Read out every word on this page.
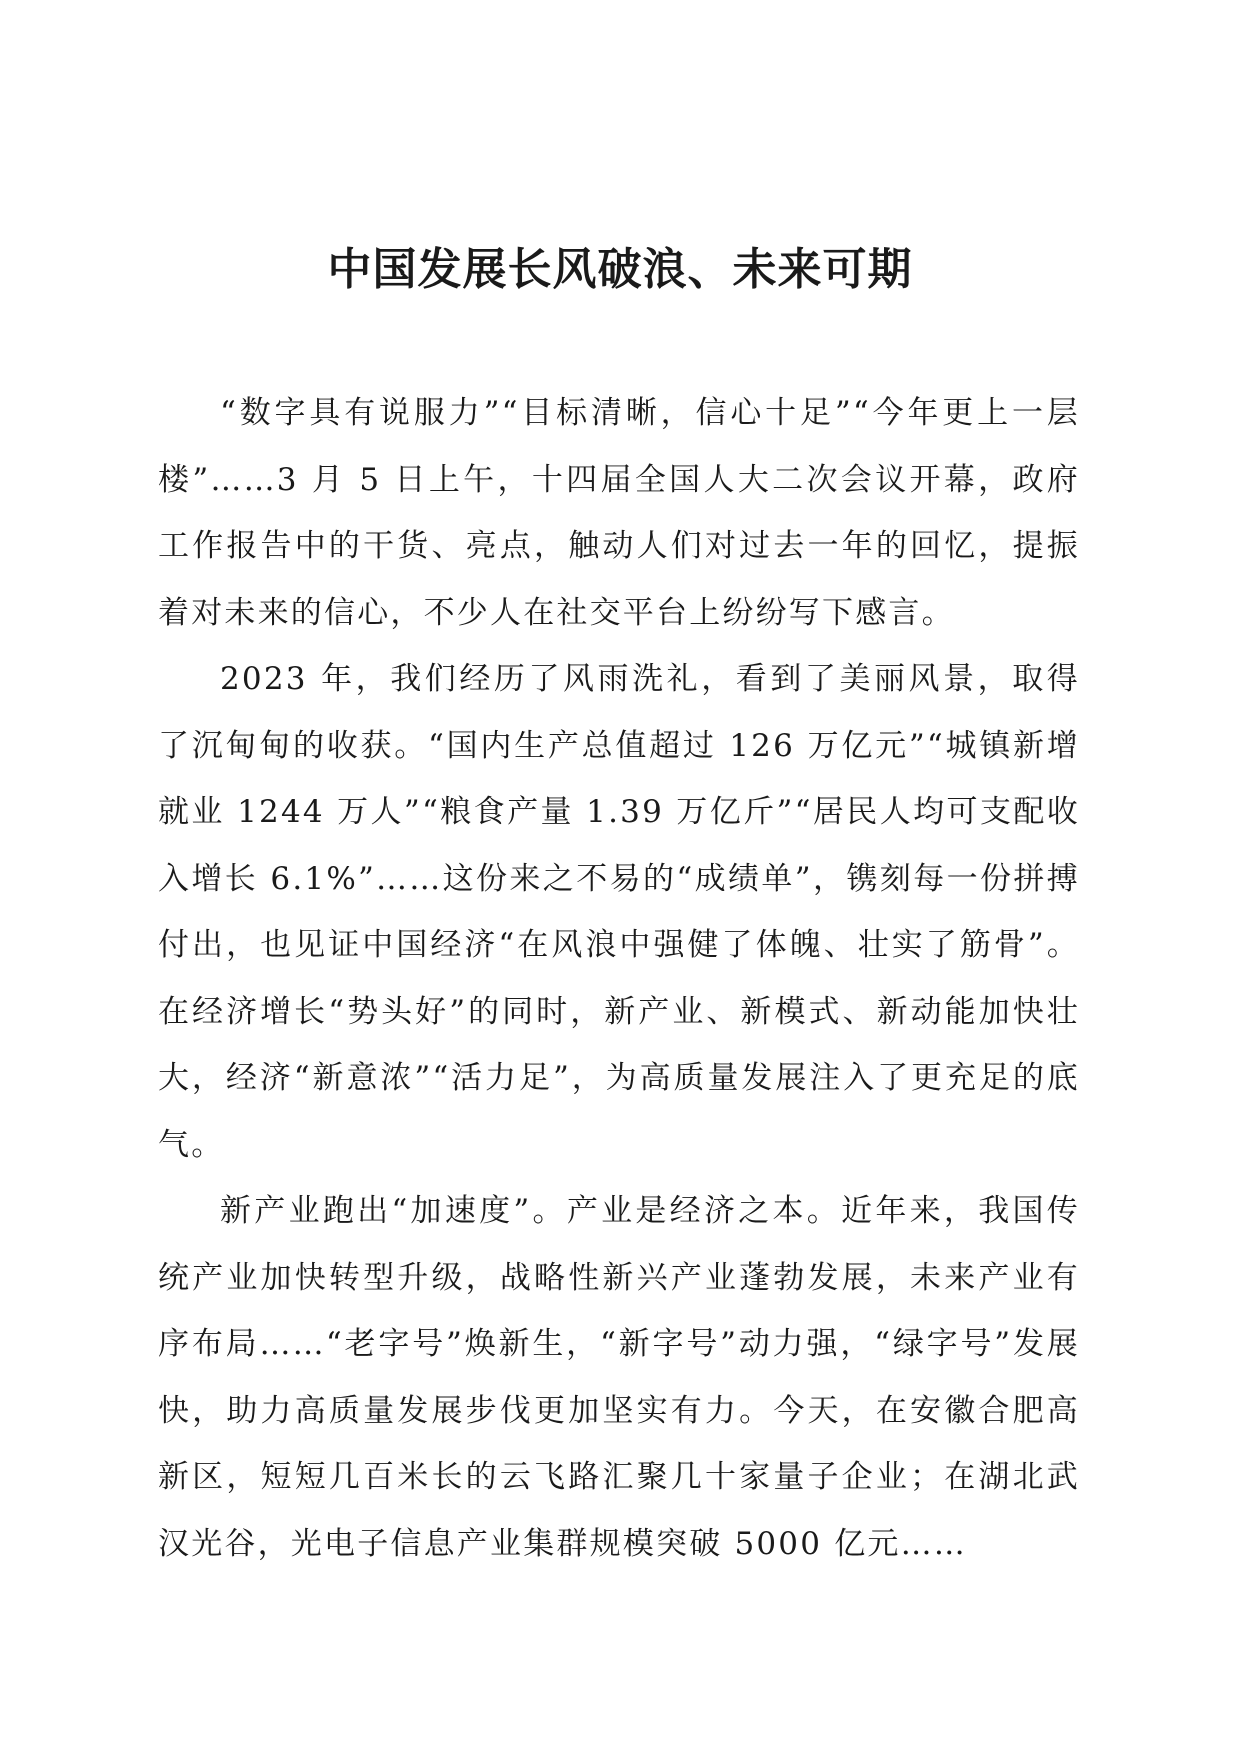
中国发展长风破浪、未来可期

“数字具有说服力”“目标清晰，信心十足”“今年更上一层楼”……3 月 5 日上午，十四届全国人大二次会议开幕，政府工作报告中的干货、亮点，触动人们对过去一年的回忆，提振着对未来的信心，不少人在社交平台上纷纷写下感言。

2023 年，我们经历了风雨洗礼，看到了美丽风景，取得了沉甸甸的收获。“国内生产总值超过 126 万亿元”“城镇新增就业 1244 万人”“粮食产量 1.39 万亿斤”“居民人均可支配收入增长 6.1%”……这份来之不易的“成绩单”，镌刻每一份拼搏付出，也见证中国经济“在风浪中强健了体魄、壮实了筋骨”。在经济增长“势头好”的同时，新产业、新模式、新动能加快壮大，经济“新意浓”“活力足”，为高质量发展注入了更充足的底气。

新产业跑出“加速度”。产业是经济之本。近年来，我国传统产业加快转型升级，战略性新兴产业蓬勃发展，未来产业有序布局……“老字号”焕新生，“新字号”动力强，“绿字号”发展快，助力高质量发展步伐更加坚实有力。今天，在安徽合肥高新区，短短几百米长的云飞路汇聚几十家量子企业；在湖北武汉光谷，光电子信息产业集群规模突破 5000 亿元……
